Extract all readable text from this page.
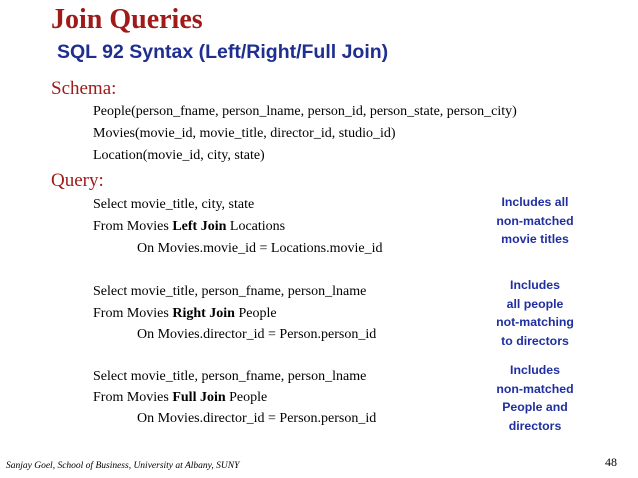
Join Queries
SQL 92 Syntax (Left/Right/Full Join)
Schema:
People(person_fname, person_lname, person_id, person_state, person_city)
Movies(movie_id, movie_title, director_id, studio_id)
Location(movie_id, city, state)
Query:
Select movie_title, city, state
From Movies Left Join Locations
On Movies.movie_id = Locations.movie_id
Includes all
non-matched
movie titles
Select movie_title, person_fname, person_lname
From Movies Right Join People
On Movies.director_id = Person.person_id
Includes
all people
not-matching
to directors
Select movie_title, person_fname, person_lname
From Movies Full Join People
On Movies.director_id = Person.person_id
Includes
non-matched
People and
directors
Sanjay Goel, School of Business, University at Albany, SUNY	48
